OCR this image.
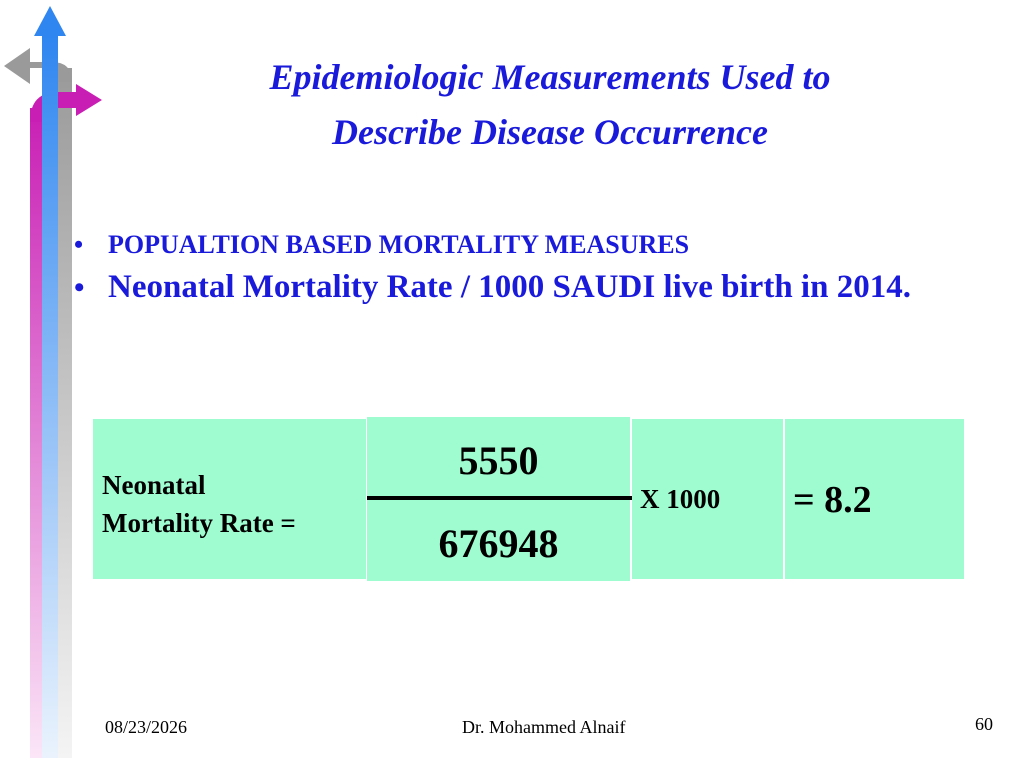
Epidemiologic Measurements Used to
Describe Disease Occurrence
• POPUALTION BASED MORTALITY MEASURES
• Neonatal Mortality Rate / 1000 SAUDI live birth in 2014.
Neonatal
Mortality Rate =
5550
676948
X 1000 = 8.2
08/23/2026	Dr. Mohammed Alnaif	60
